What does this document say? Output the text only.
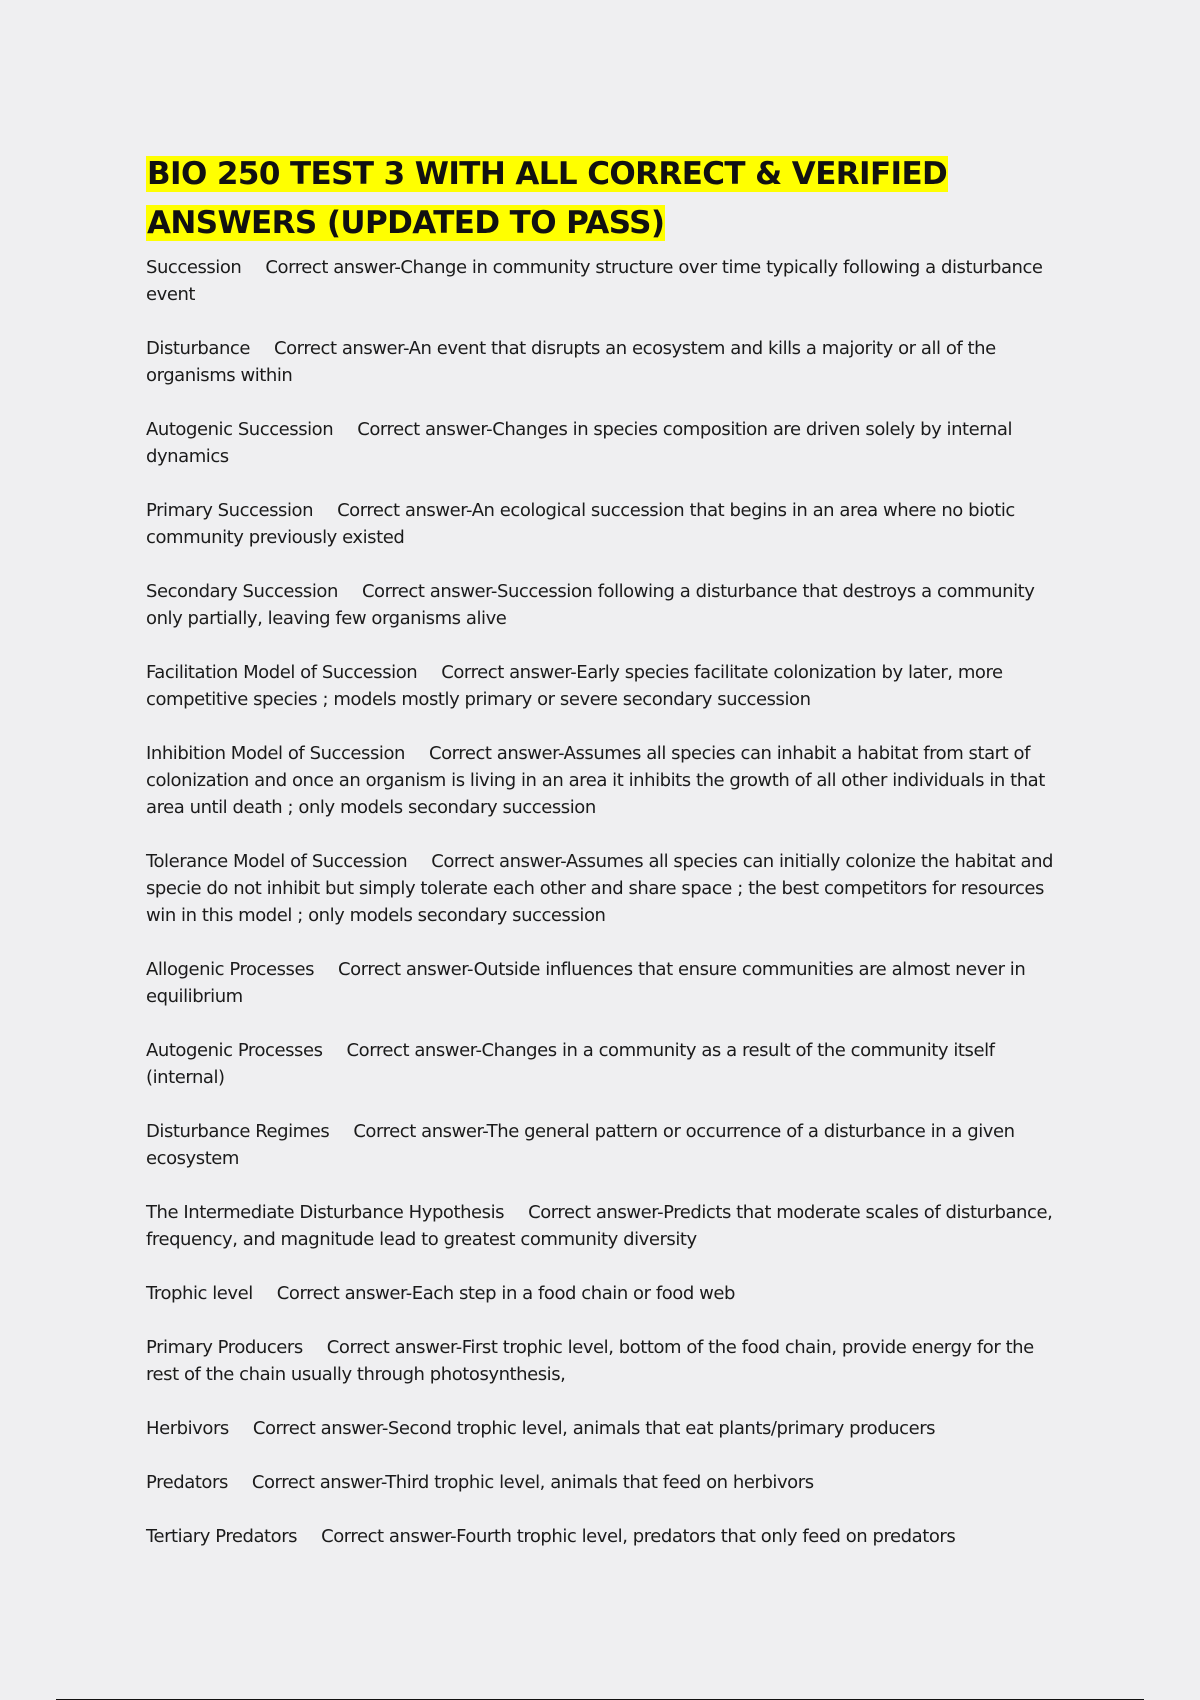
BIO 250 TEST 3 WITH ALL CORRECT & VERIFIED ANSWERS (UPDATED TO PASS)
Succession Correct answer-Change in community structure over time typically following a disturbance event
Disturbance Correct answer-An event that disrupts an ecosystem and kills a majority or all of the organisms within
Autogenic Succession Correct answer-Changes in species composition are driven solely by internal dynamics
Primary Succession Correct answer-An ecological succession that begins in an area where no biotic community previously existed
Secondary Succession Correct answer-Succession following a disturbance that destroys a community only partially, leaving few organisms alive
Facilitation Model of Succession Correct answer-Early species facilitate colonization by later, more competitive species ; models mostly primary or severe secondary succession
Inhibition Model of Succession Correct answer-Assumes all species can inhabit a habitat from start of colonization and once an organism is living in an area it inhibits the growth of all other individuals in that area until death ; only models secondary succession
Tolerance Model of Succession Correct answer-Assumes all species can initially colonize the habitat and specie do not inhibit but simply tolerate each other and share space ; the best competitors for resources win in this model ; only models secondary succession
Allogenic Processes Correct answer-Outside influences that ensure communities are almost never in equilibrium
Autogenic Processes Correct answer-Changes in a community as a result of the community itself (internal)
Disturbance Regimes Correct answer-The general pattern or occurrence of a disturbance in a given ecosystem
The Intermediate Disturbance Hypothesis Correct answer-Predicts that moderate scales of disturbance, frequency, and magnitude lead to greatest community diversity
Trophic level Correct answer-Each step in a food chain or food web
Primary Producers Correct answer-First trophic level, bottom of the food chain, provide energy for the rest of the chain usually through photosynthesis,
Herbivors Correct answer-Second trophic level, animals that eat plants/primary producers
Predators Correct answer-Third trophic level, animals that feed on herbivors
Tertiary Predators Correct answer-Fourth trophic level, predators that only feed on predators
